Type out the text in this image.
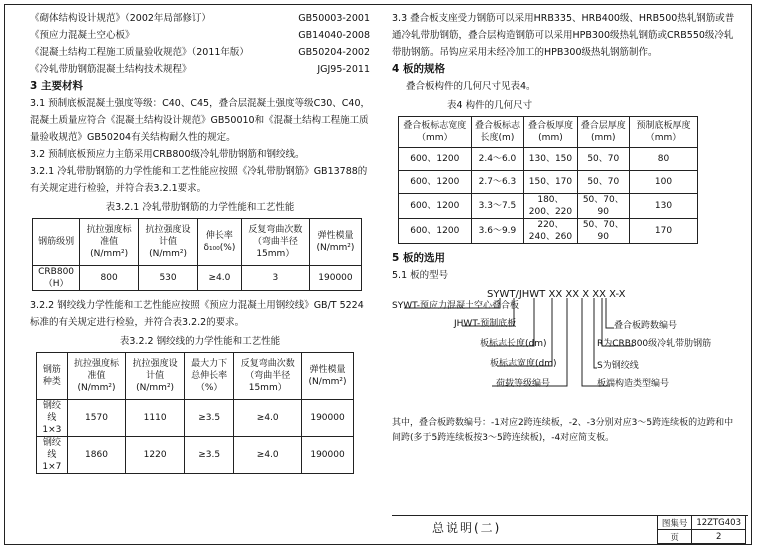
《砌体结构设计规范》（2002年局部修订）	GB50003-2001
《预应力混凝土空心板》	GB14040-2008
《混凝土结构工程施工质量验收规范》（2011年版）	GB50204-2002
《冷轧带肋钢筋混凝土结构技术规程》	JGJ95-2011
3 主要材料
3.1 预制底板混凝土强度等级：C40、C45，叠合层混凝土强度等级C30、C40，混凝土质量应符合《混凝土结构设计规范》GB50010和《混凝土结构工程施工质量验收规范》GB50204有关结构耐久性的规定。
3.2 预制底板预应力主筋采用CRB800级冷轧带肋钢筋和钢绞线。
3.2.1 冷轧带肋钢筋的力学性能和工艺性能应按照《冷轧带肋钢筋》GB13788的有关规定进行检验，并符合表3.2.1要求。
表3.2.1 冷轧带肋钢筋的力学性能和工艺性能
钢筋级别	抗拉强度标准值(N/mm²)	抗拉强度设计值(N/mm²)	伸长率δ₁₀₀(%)	反复弯曲次数（弯曲半径15mm）	弹性模量(N/mm²)
CRB800（H）	800	530	≥4.0	3	190000
3.2.2 钢绞线力学性能和工艺性能应按照《预应力混凝土用钢绞线》GB/T 5224标准的有关规定进行检验，并符合表3.2.2的要求。
表3.2.2 钢绞线的力学性能和工艺性能
钢筋种类	抗拉强度标准值(N/mm²)	抗拉强度设计值(N/mm²)	最大力下总伸长率（%）	反复弯曲次数（弯曲半径15mm）	弹性模量(N/mm²)
钢绞线1×3	1570	1110	≥3.5	≥4.0	190000
钢绞线1×7	1860	1220	≥3.5	≥4.0	190000
3.3 叠合板支座受力钢筋可以采用HRB335、HRB400级、HRB500热轧钢筋或普通冷轧带肋钢筋，叠合层构造钢筋可以采用HPB300级热轧钢筋或CRB550级冷轧带肋钢筋。吊钩应采用未经冷加工的HPB300级热轧钢筋制作。
4 板的规格
叠合板构件的几何尺寸见表4。
表4 构件的几何尺寸
叠合板标志宽度（mm）	叠合板标志长度(m)	叠合板厚度(mm)	叠合层厚度(mm)	预制底板厚度（mm）
600、1200	2.4～6.0	130、150	50、70	80
600、1200	2.7～6.3	150、170	50、70	100
600、1200	3.3～7.5	180、200、220	50、70、90	130
600、1200	3.6～9.9	220、240、260	50、70、90	170
5 板的选用
5.1 板的型号
SYWT/JHWT XX XX X XX X-X
SYWT-预应力混凝土空心叠合板
JHWT-预制底板
板标志长度(dm)
板标志宽度(dm)
荷载等级编号
叠合板跨数编号
R为CRB800级冷轧带肋钢筋
S为钢绞线
板端构造类型编号
其中，叠合板跨数编号：-1对应2跨连续板，-2、-3分别对应3～5跨连续板的边跨和中间跨(多于5跨连续板按3～5跨连续板)，-4对应简支板。
总说明(二)	图集号	12ZTG403
页	2
